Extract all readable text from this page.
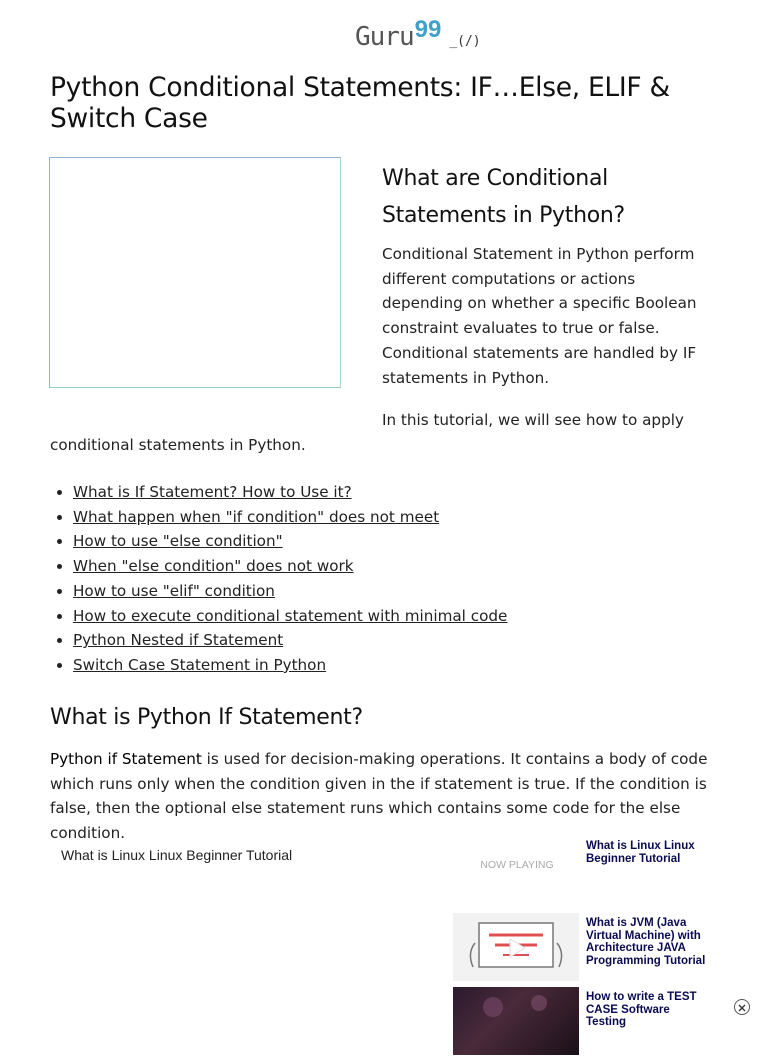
Guru 99 _(/)
Python Conditional Statements: IF…Else, ELIF & Switch Case
What are Conditional Statements in Python?

Conditional Statement in Python perform different computations or actions depending on whether a specific Boolean constraint evaluates to true or false. Conditional statements are handled by IF statements in Python.

In this tutorial, we will see how to apply

conditional statements in Python.

• What is If Statement? How to Use it?
• What happen when "if condition" does not meet
• How to use "else condition"
• When "else condition" does not work
• How to use "elif" condition
• How to execute conditional statement with minimal code
• Python Nested if Statement
• Switch Case Statement in Python
What is Python If Statement?

Python if Statement is used for decision-making operations. It contains a body of code which runs only when the condition given in the if statement is true. If the condition is false, then the optional else statement runs which contains some code for the else condition.

What is Linux Linux Beginner Tutorial
NOW PLAYING
What is Linux Linux Beginner Tutorial
What is JVM (Java Virtual Machine) with Architecture JAVA Programming Tutorial
How to write a TEST CASE Software Testing
